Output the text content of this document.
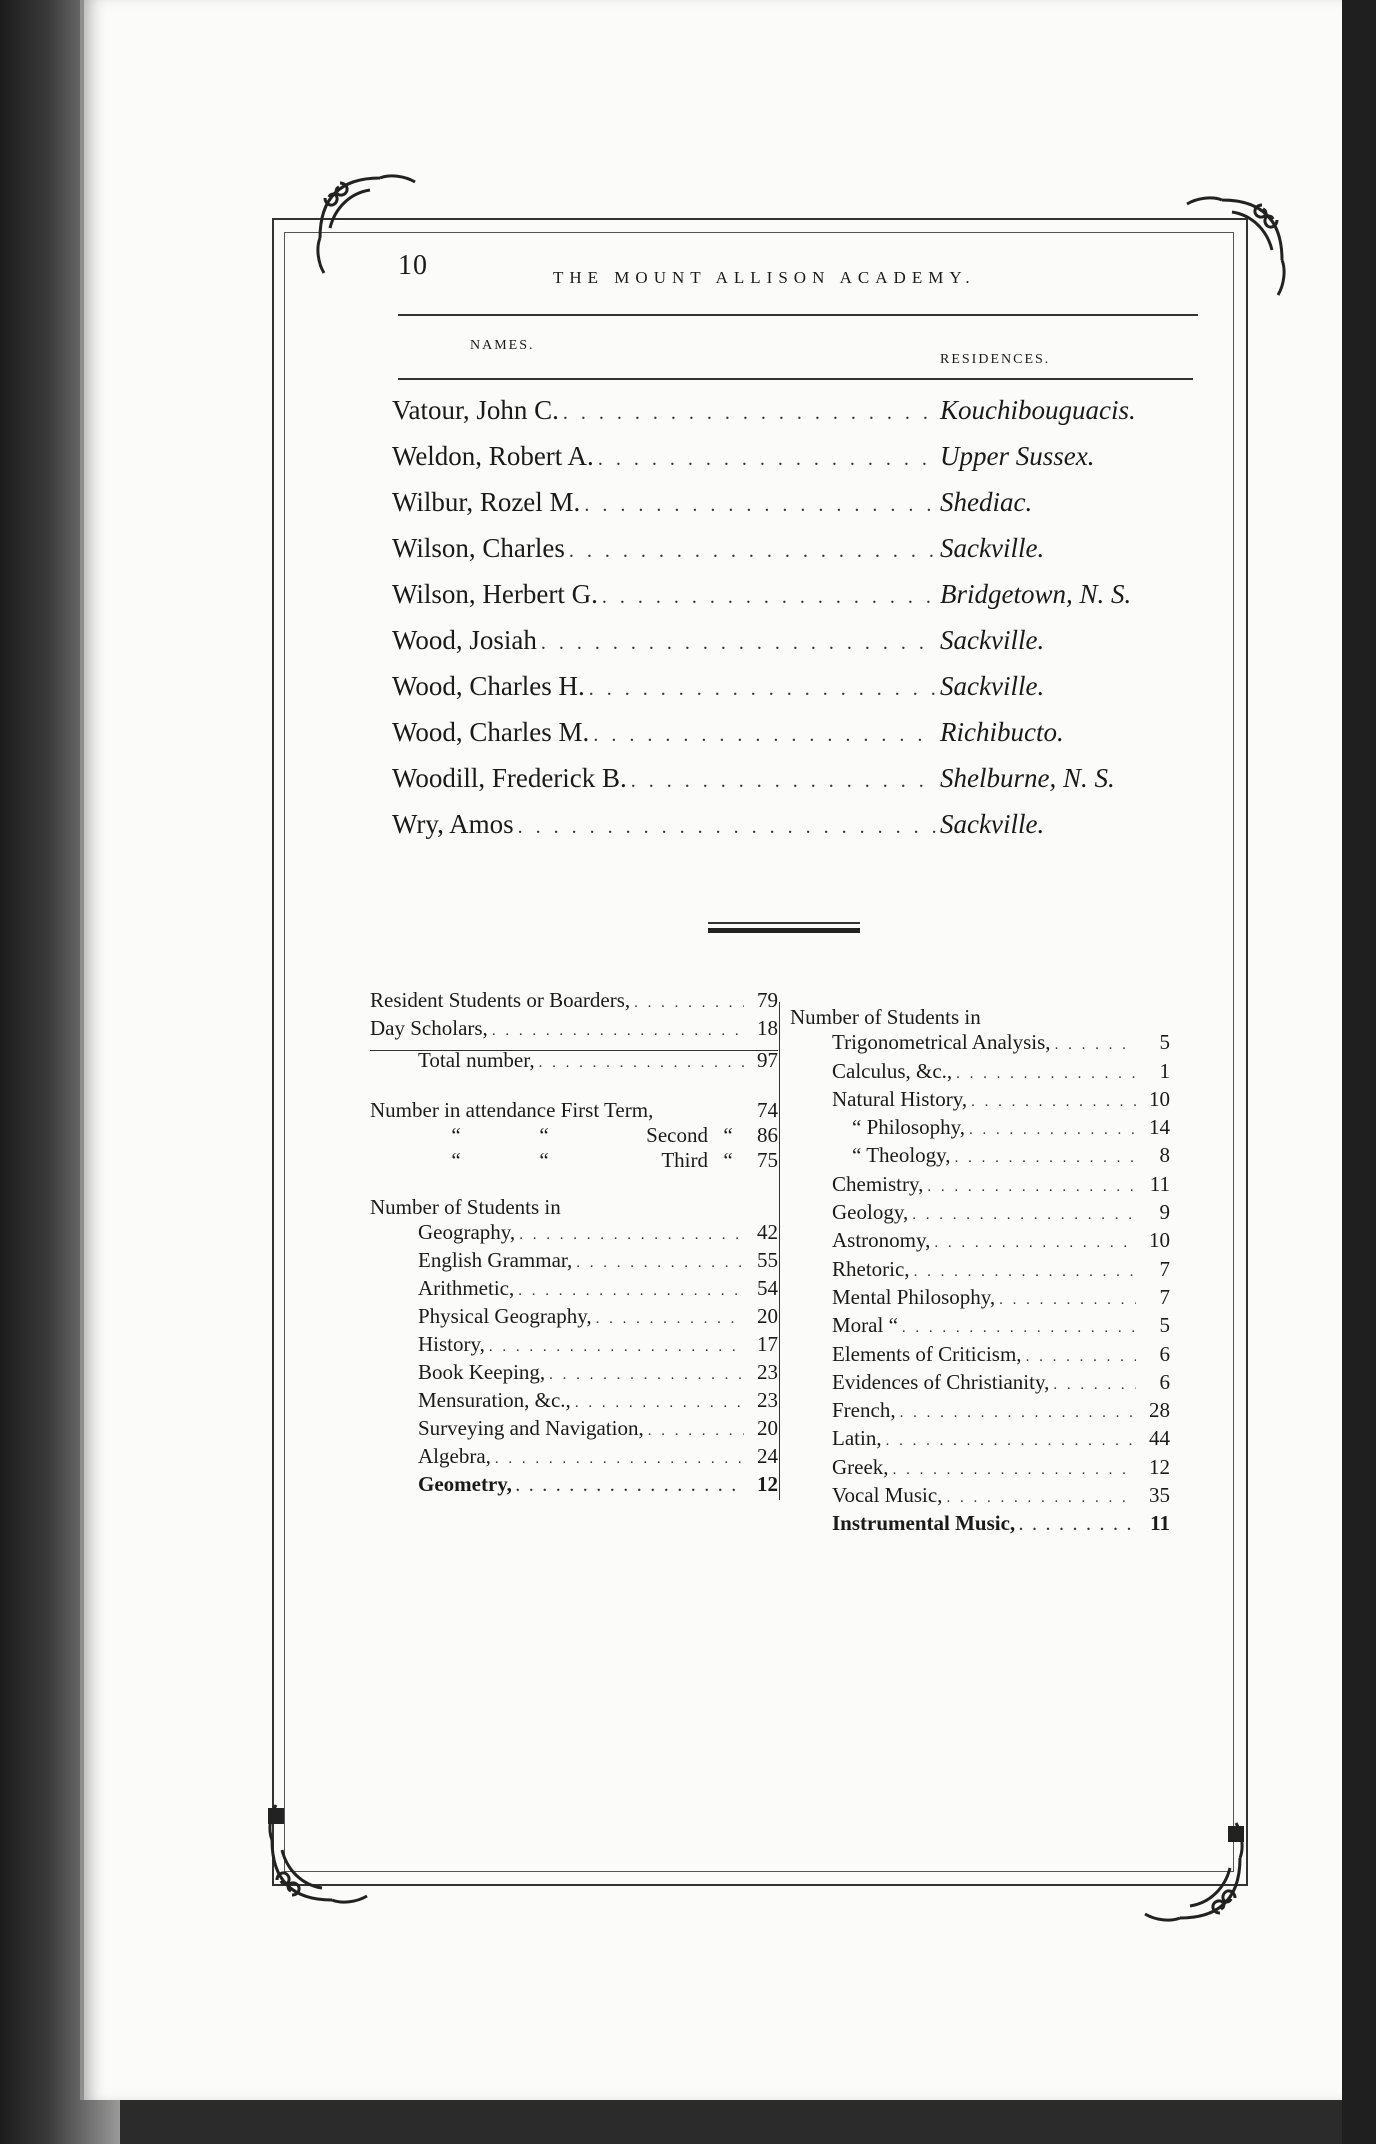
10	THE MOUNT ALLISON ACADEMY.
NAMES.
RESIDENCES.
Vatour, John C. . . .	Kouchibouguacis.
Weldon, Robert A. . . .	Upper Sussex.
Wilbur, Rozel M. . . .	Shediac.
Wilson, Charles . . .	Sackville.
Wilson, Herbert G. . . .	Bridgetown, N. S.
Wood, Josiah . . .	Sackville.
Wood, Charles H. . . .	Sackville.
Wood, Charles M. . . .	Richibucto.
Woodill, Frederick B. . . .	Shelburne, N. S.
Wry, Amos . . .	Sackville.
Resident Students or Boarders, . . .	79
Day Scholars, . . .	18
Total number, . . .	97
Number in attendance First Term,	74
“	“	Second “	86
“	“	Third “	75
Number of Students in
Geography, . . .	42
English Grammar, . . .	55
Arithmetic, . . .	54
Physical Geography, . . .	20
History, . . .	17
Book Keeping, . . .	23
Mensuration, &c., . . .	23
Surveying and Navigation, . . .	20
Algebra, . . .	24
Geometry, . . .	12
Number of Students in
Trigonometrical Analysis, . . .	5
Calculus, &c., . . .	1
Natural History, . . .	10
“ Philosophy, . . .	14
“ Theology, . . .	8
Chemistry, . . .	11
Geology, . . .	9
Astronomy, . . .	10
Rhetoric, . . .	7
Mental Philosophy, . . .	7
Moral “ . . .	5
Elements of Criticism, . . .	6
Evidences of Christianity, . . .	6
French, . . .	28
Latin, . . .	44
Greek, . . .	12
Vocal Music, . . .	35
Instrumental Music, . . .	11
